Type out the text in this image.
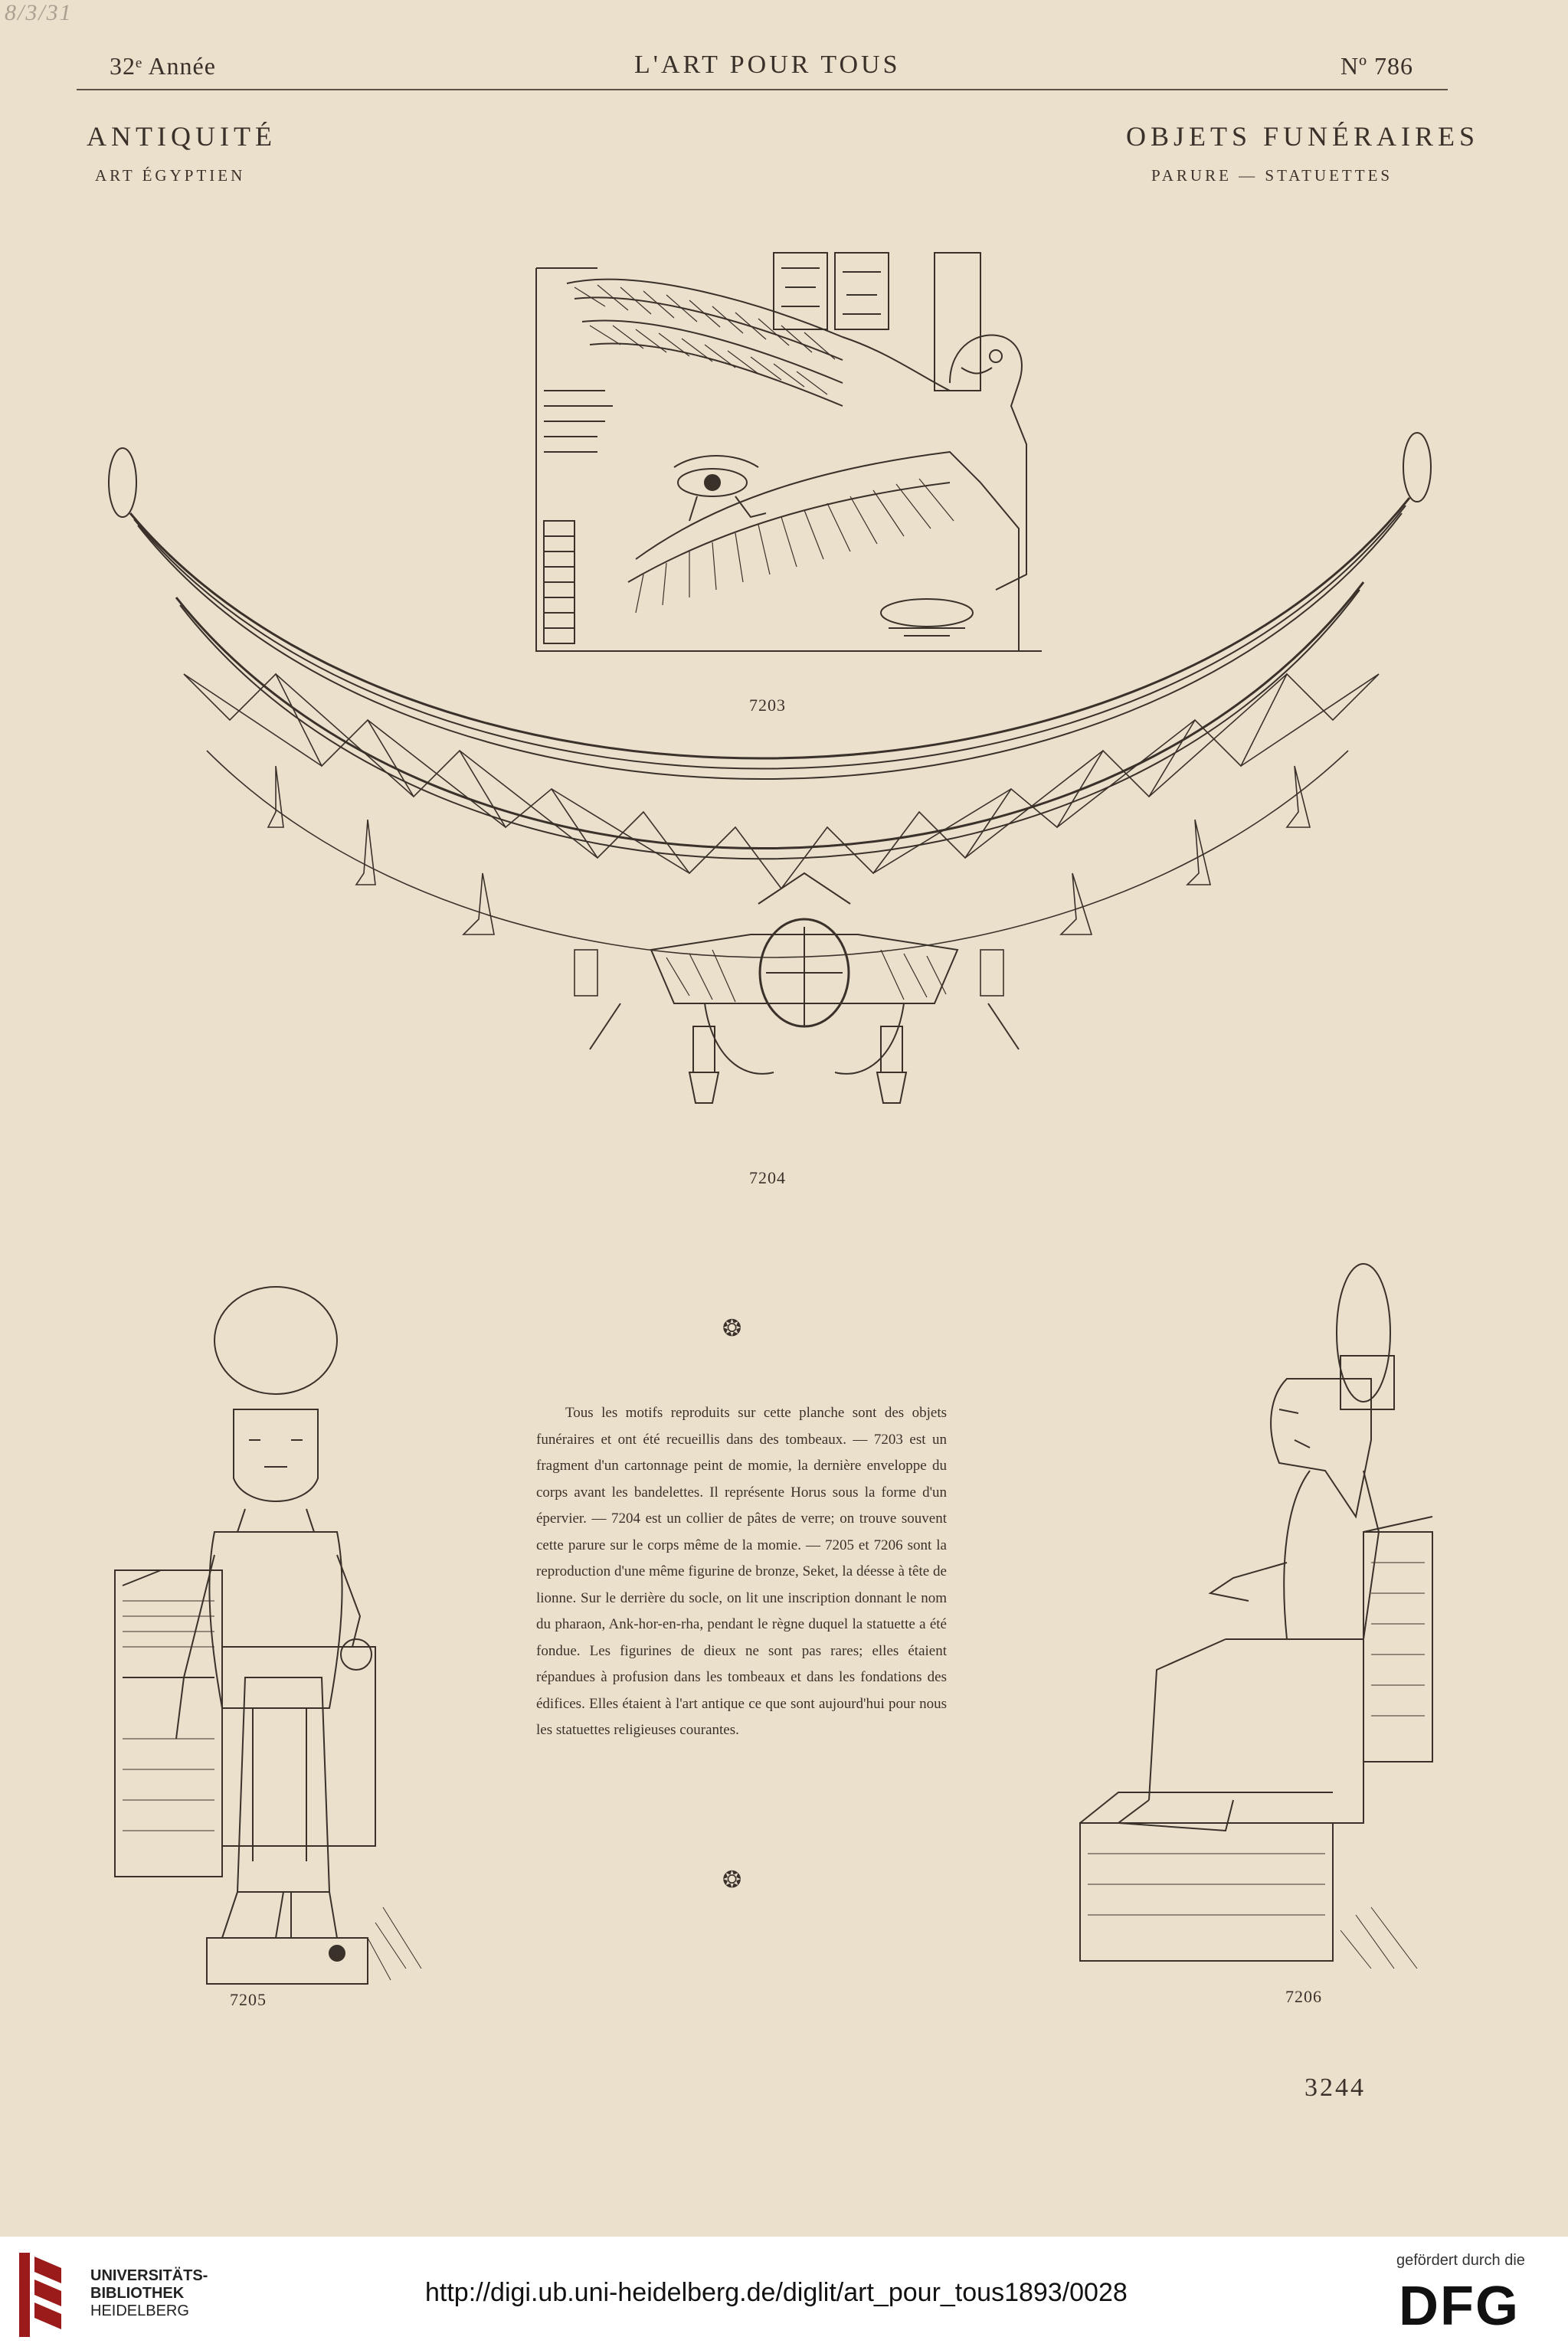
8/3/31
32ᵉ Année	L'ART POUR TOUS	Nº 786
ANTIQUITÉ
ART ÉGYPTIEN
OBJETS FUNÉRAIRES
PARURE — STATUETTES
7203
7204
❂
❂

Tous les motifs reproduits sur cette planche sont des objets funéraires et ont été recueillis dans des tombeaux. — 7203 est un fragment d'un cartonnage peint de momie, la dernière enveloppe du corps avant les bandelettes. Il représente Horus sous la forme d'un épervier. — 7204 est un collier de pâtes de verre; on trouve souvent cette parure sur le corps même de la momie. — 7205 et 7206 sont la reproduction d'une même figurine de bronze, Seket, la déesse à tête de lionne. Sur le derrière du socle, on lit une inscription donnant le nom du pharaon, Ank-hor-en-rha, pendant le règne duquel la statuette a été fondue. Les figurines de dieux ne sont pas rares; elles étaient répandues à profusion dans les tombeaux et dans les fondations des édifices. Elles étaient à l'art antique ce que sont aujourd'hui pour nous les statuettes religieuses courantes.

7205	7206
3244
UNIVERSITÄTS-
BIBLIOTHEK
HEIDELBERG
http://digi.ub.uni-heidelberg.de/diglit/art_pour_tous1893/0028
gefördert durch die
DFG
